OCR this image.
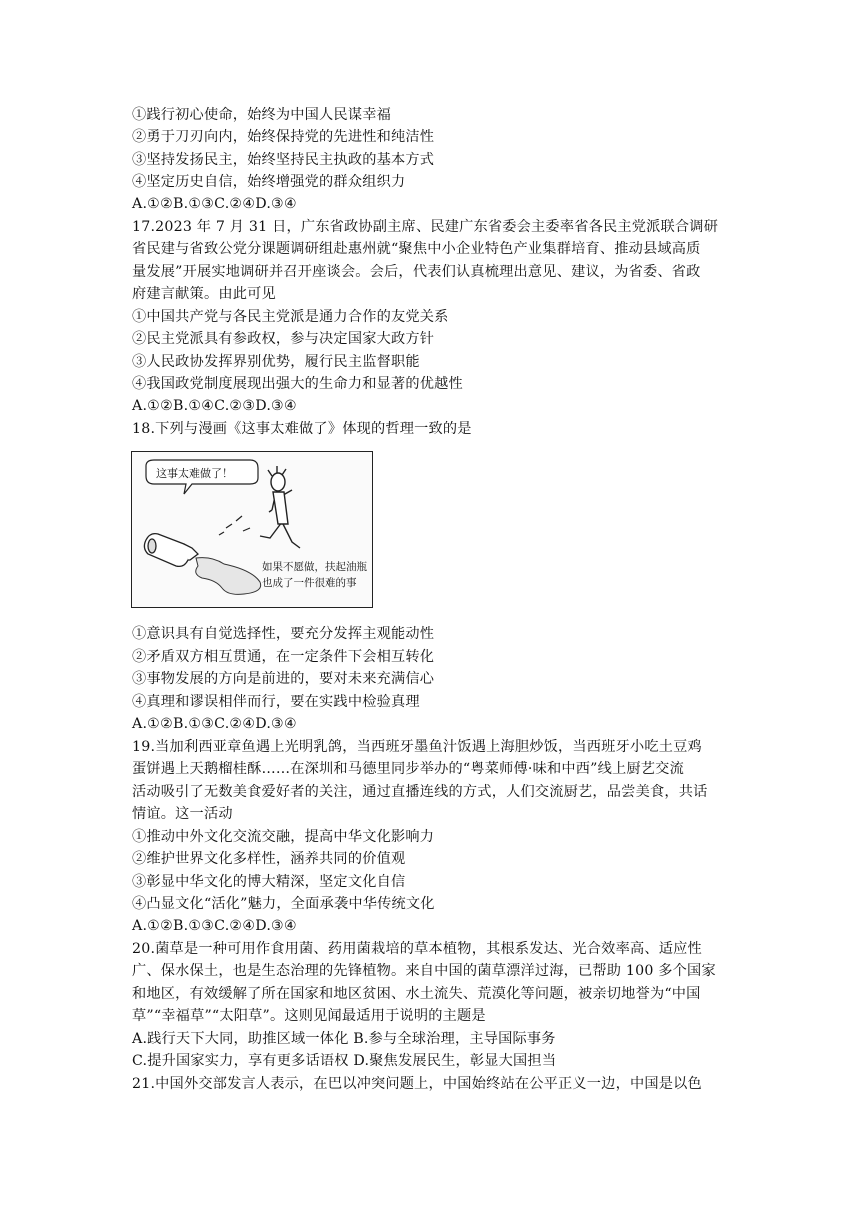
①践行初心使命，始终为中国人民谋幸福
②勇于刀刃向内，始终保持党的先进性和纯洁性
③坚持发扬民主，始终坚持民主执政的基本方式
④坚定历史自信，始终增强党的群众组织力
A.①②B.①③C.②④D.③④
17.2023 年 7 月 31 日，广东省政协副主席、民建广东省委会主委率省各民主党派联合调研
省民建与省致公党分课题调研组赴惠州就“聚焦中小企业特色产业集群培育、推动县域高质
量发展”开展实地调研并召开座谈会。会后，代表们认真梳理出意见、建议，为省委、省政
府建言献策。由此可见
①中国共产党与各民主党派是通力合作的友党关系
②民主党派具有参政权，参与决定国家大政方针
③人民政协发挥界别优势，履行民主监督职能
④我国政党制度展现出强大的生命力和显著的优越性
A.①②B.①④C.②③D.③④
18.下列与漫画《这事太难做了》体现的哲理一致的是
这事太难做了！
如果不愿做，扶起油瓶
也成了一件很难的事
①意识具有自觉选择性，要充分发挥主观能动性
②矛盾双方相互贯通，在一定条件下会相互转化
③事物发展的方向是前进的，要对未来充满信心
④真理和谬误相伴而行，要在实践中检验真理
A.①②B.①③C.②④D.③④
19.当加利西亚章鱼遇上光明乳鸽，当西班牙墨鱼汁饭遇上海胆炒饭，当西班牙小吃土豆鸡
蛋饼遇上天鹅榴桂酥……在深圳和马德里同步举办的“粤菜师傅·味和中西”线上厨艺交流
活动吸引了无数美食爱好者的关注，通过直播连线的方式，人们交流厨艺，品尝美食，共话
情谊。这一活动
①推动中外文化交流交融，提高中华文化影响力
②维护世界文化多样性，涵养共同的价值观
③彰显中华文化的博大精深，坚定文化自信
④凸显文化“活化”魅力，全面承袭中华传统文化
A.①②B.①③C.②④D.③④
20.菌草是一种可用作食用菌、药用菌栽培的草本植物，其根系发达、光合效率高、适应性
广、保水保土，也是生态治理的先锋植物。来自中国的菌草漂洋过海，已帮助 100 多个国家
和地区，有效缓解了所在国家和地区贫困、水土流失、荒漠化等问题，被亲切地誉为“中国
草”“幸福草”“太阳草”。这则见闻最适用于说明的主题是
A.践行天下大同，助推区域一体化 B.参与全球治理，主导国际事务
C.提升国家实力，享有更多话语权 D.聚焦发展民生，彰显大国担当
21.中国外交部发言人表示，在巴以冲突问题上，中国始终站在公平正义一边，中国是以色
